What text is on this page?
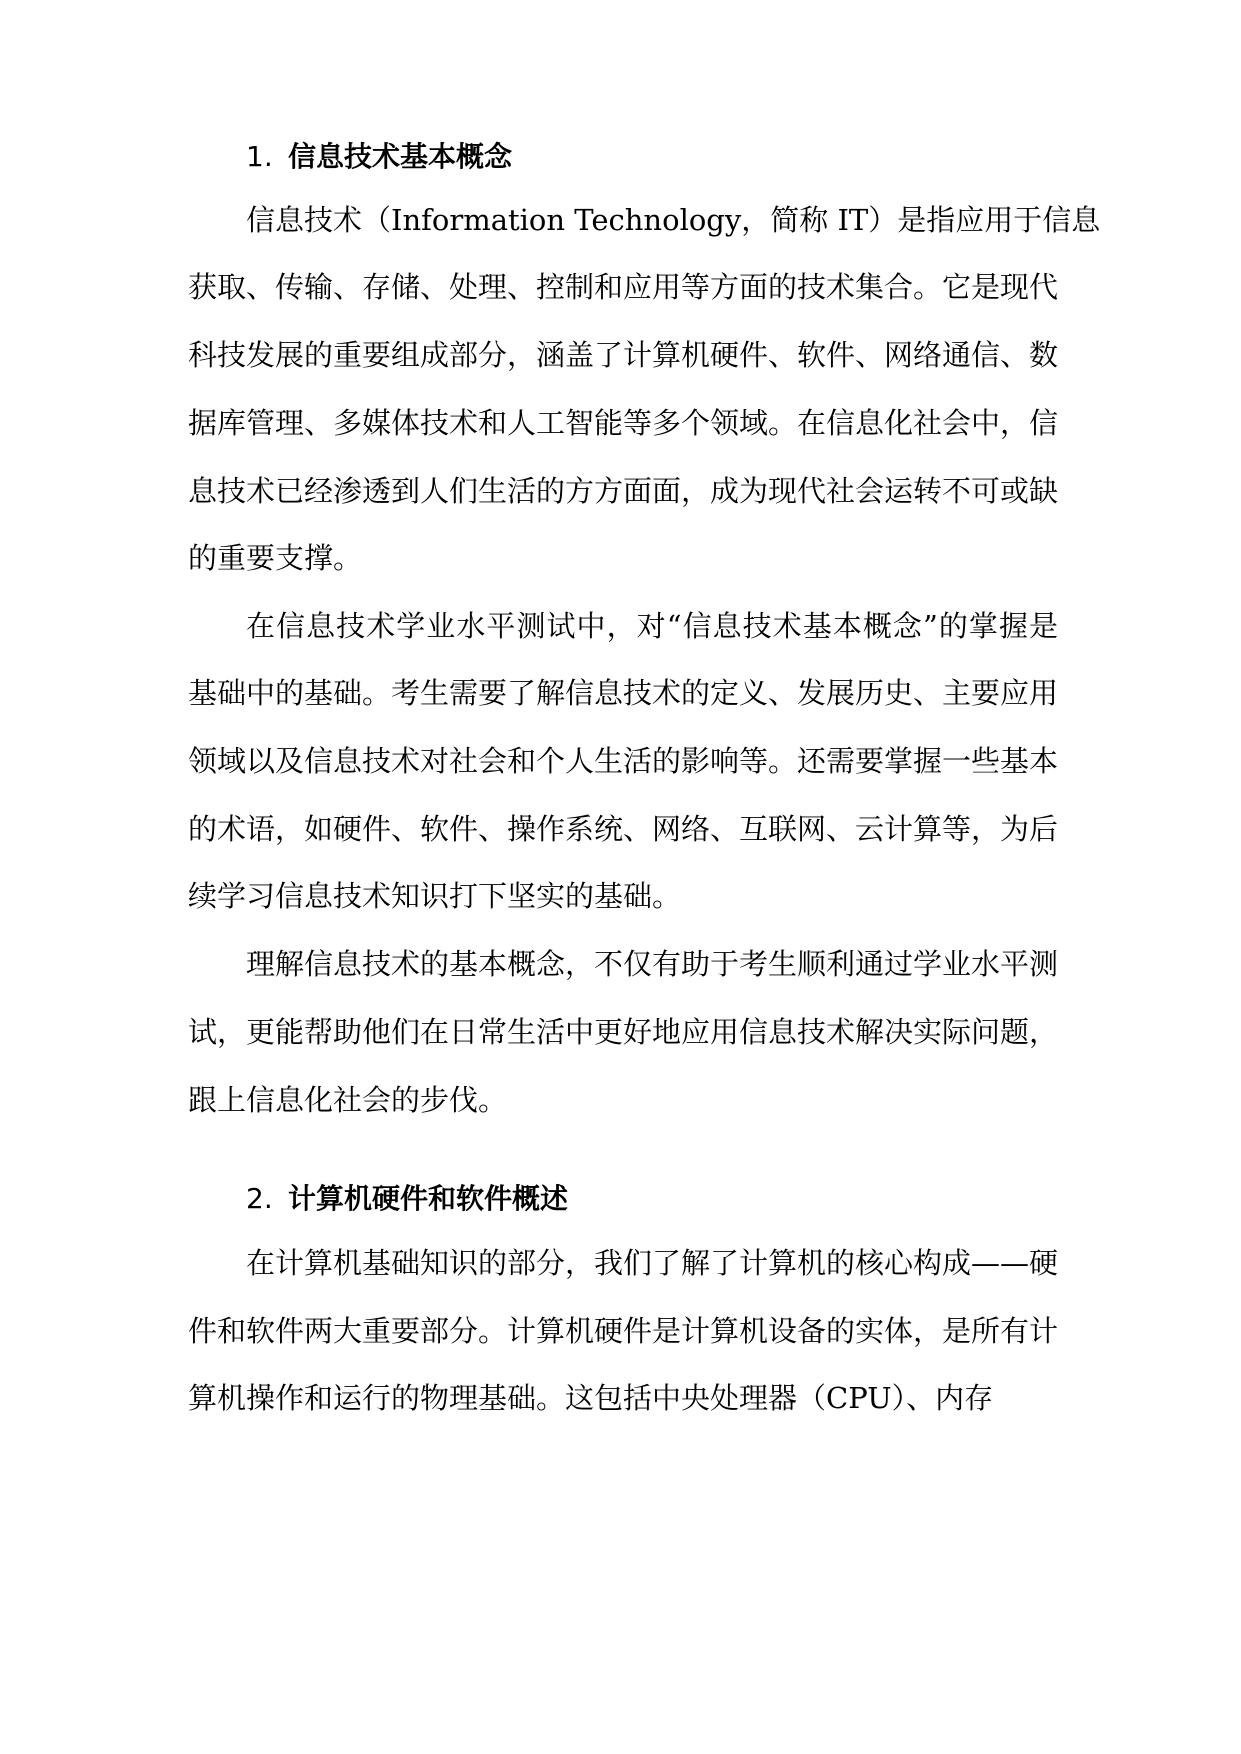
1. 信息技术基本概念
信息技术（Information Technology，简称 IT）是指应用于信息
获取、传输、存储、处理、控制和应用等方面的技术集合。它是现代
科技发展的重要组成部分，涵盖了计算机硬件、软件、网络通信、数
据库管理、多媒体技术和人工智能等多个领域。在信息化社会中，信
息技术已经渗透到人们生活的方方面面，成为现代社会运转不可或缺
的重要支撑。
在信息技术学业水平测试中，对“信息技术基本概念”的掌握是
基础中的基础。考生需要了解信息技术的定义、发展历史、主要应用
领域以及信息技术对社会和个人生活的影响等。还需要掌握一些基本
的术语，如硬件、软件、操作系统、网络、互联网、云计算等，为后
续学习信息技术知识打下坚实的基础。
理解信息技术的基本概念，不仅有助于考生顺利通过学业水平测
试，更能帮助他们在日常生活中更好地应用信息技术解决实际问题，
跟上信息化社会的步伐。
2. 计算机硬件和软件概述
在计算机基础知识的部分，我们了解了计算机的核心构成——硬
件和软件两大重要部分。计算机硬件是计算机设备的实体，是所有计
算机操作和运行的物理基础。这包括中央处理器（CPU）、内存
